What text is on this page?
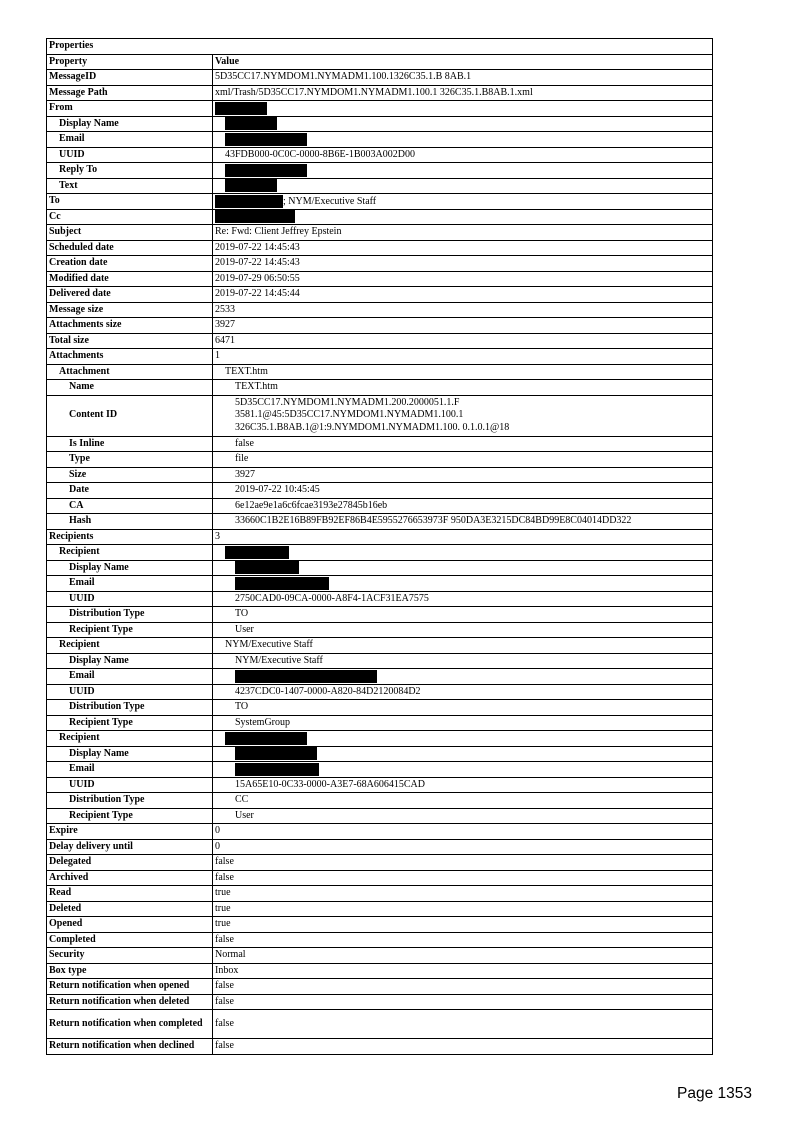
Properties	
Property	Value
MessageID	5D35CC17.NYMDOM1.NYMADM1.100.1326C35.1.B 8AB.1
Message Path	xml/Trash/5D35CC17.NYMDOM1.NYMADM1.100.1 326C35.1.B8AB.1.xml
From	
Display Name	
Email	
UUID	43FDB000-0C0C-0000-8B6E-1B003A002D00
Reply To	
Text	
To	; NYM/Executive Staff
Cc	
Subject	Re: Fwd: Client Jeffrey Epstein
Scheduled date	2019-07-22 14:45:43
Creation date	2019-07-22 14:45:43
Modified date	2019-07-29 06:50:55
Delivered date	2019-07-22 14:45:44
Message size	2533
Attachments size	3927
Total size	6471
Attachments	1
Attachment	TEXT.htm
Name	TEXT.htm
Content ID	5D35CC17.NYMDOM1.NYMADM1.200.2000051.1.F
3581.1@45:5D35CC17.NYMDOM1.NYMADM1.100.1
326C35.1.B8AB.1@1:9.NYMDOM1.NYMADM1.100. 0.1.0.1@18

Is Inline	false
Type	file
Size	3927
Date	2019-07-22 10:45:45
CA	6e12ae9e1a6c6fcae3193e27845b16eb
Hash	33660C1B2E16B89FB92EF86B4E5955276653973F 950DA3E3215DC84BD99E8C04014DD322
Recipients	3
Recipient	
Display Name	
Email	
UUID	2750CAD0-09CA-0000-A8F4-1ACF31EA7575
Distribution Type	TO
Recipient Type	User
Recipient	NYM/Executive Staff
Display Name	NYM/Executive Staff
Email	
UUID	4237CDC0-1407-0000-A820-84D2120084D2
Distribution Type	TO
Recipient Type	SystemGroup
Recipient	
Display Name	
Email	
UUID	15A65E10-0C33-0000-A3E7-68A606415CAD
Distribution Type	CC
Recipient Type	User
Expire	0
Delay delivery until	0
Delegated	false
Archived	false
Read	true
Deleted	true
Opened	true
Completed	false
Security	Normal
Box type	Inbox
Return notification when opened	false
Return notification when deleted	false
Return notification when completed	false
Return notification when declined	false
Page 1353
